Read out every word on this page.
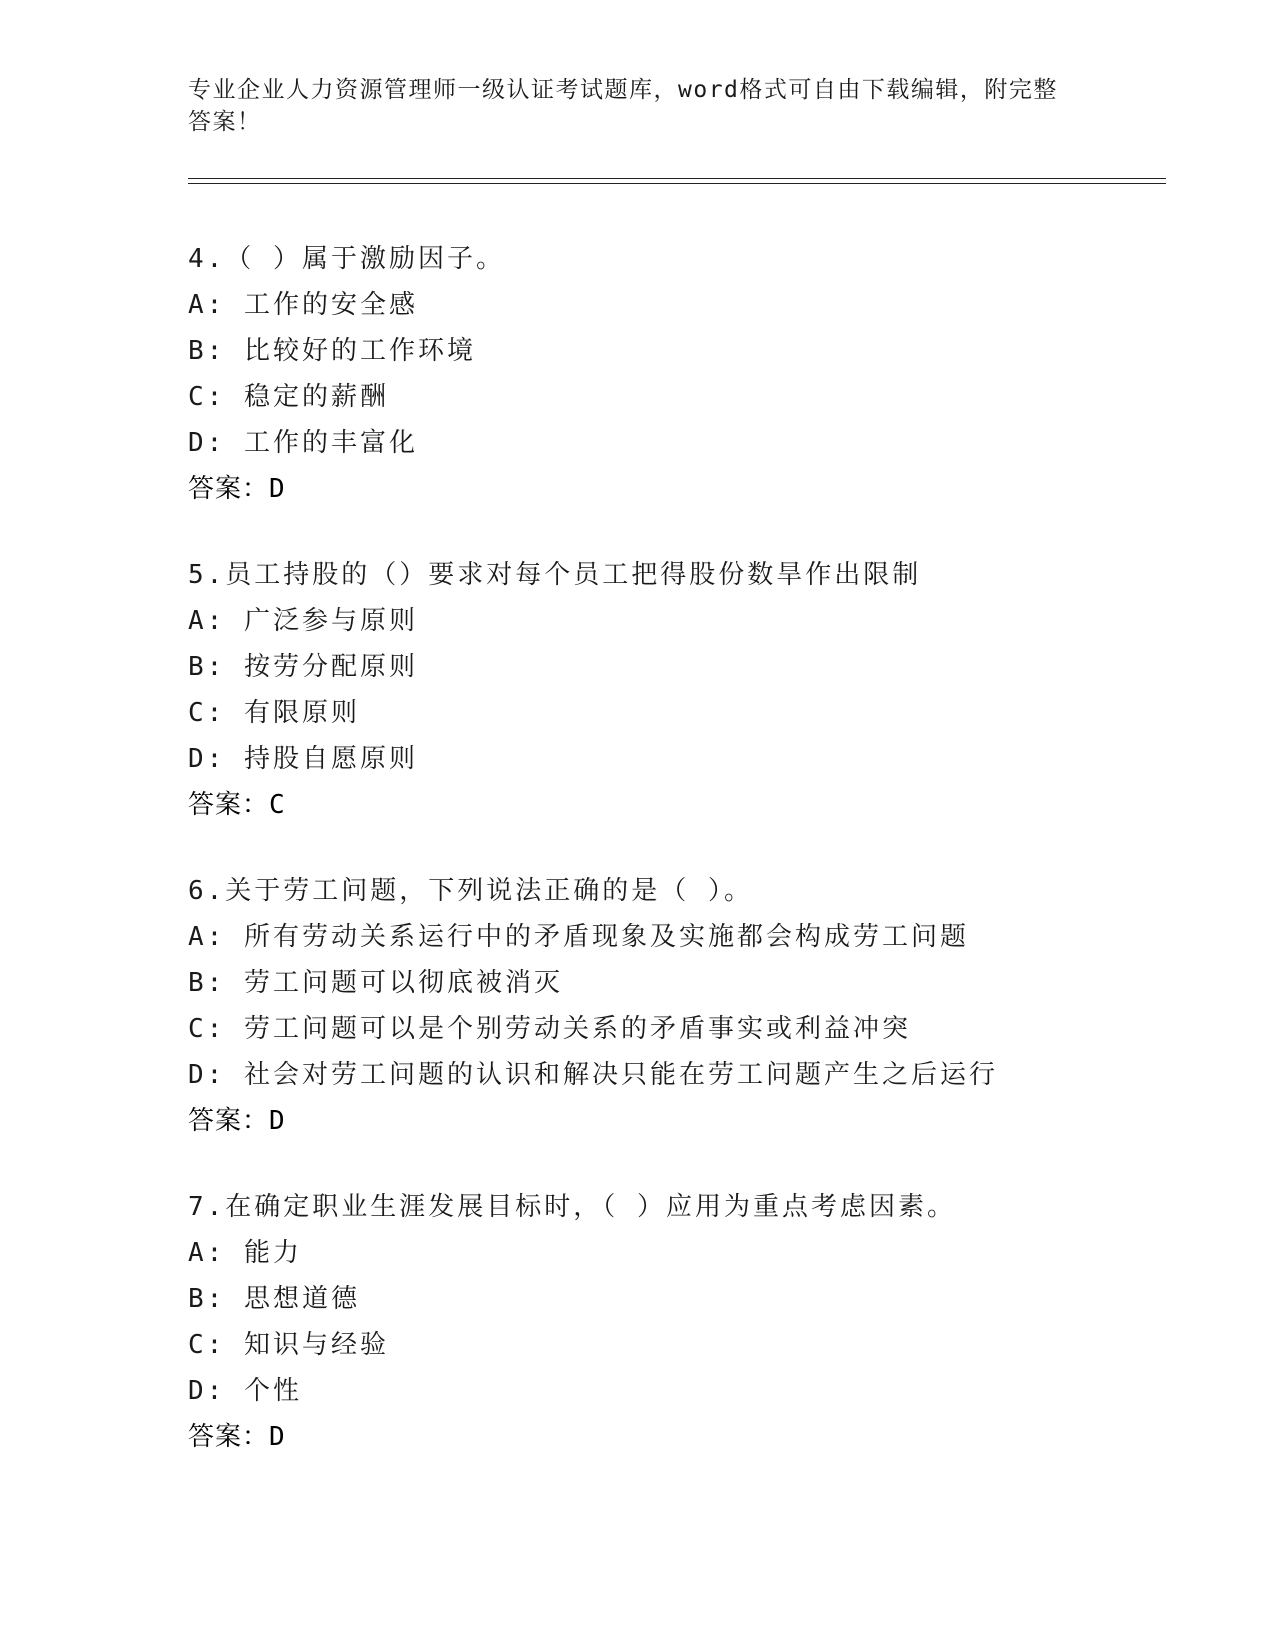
专业企业人力资源管理师一级认证考试题库，word格式可自由下载编辑，附完整
答案！
4.（ ）属于激励因子。
A: 工作的安全感
B: 比较好的工作环境
C: 稳定的薪酬
D: 工作的丰富化
答案：D
5.员工持股的（）要求对每个员工把得股份数旱作出限制
A: 广泛参与原则
B: 按劳分配原则
C: 有限原则
D: 持股自愿原则
答案：C
6.关于劳工问题，下列说法正确的是（ ）。
A: 所有劳动关系运行中的矛盾现象及实施都会构成劳工问题
B: 劳工问题可以彻底被消灭
C: 劳工问题可以是个别劳动关系的矛盾事实或利益冲突
D: 社会对劳工问题的认识和解决只能在劳工问题产生之后运行
答案：D
7.在确定职业生涯发展目标时，（ ）应用为重点考虑因素。
A: 能力
B: 思想道德
C: 知识与经验
D: 个性
答案：D
